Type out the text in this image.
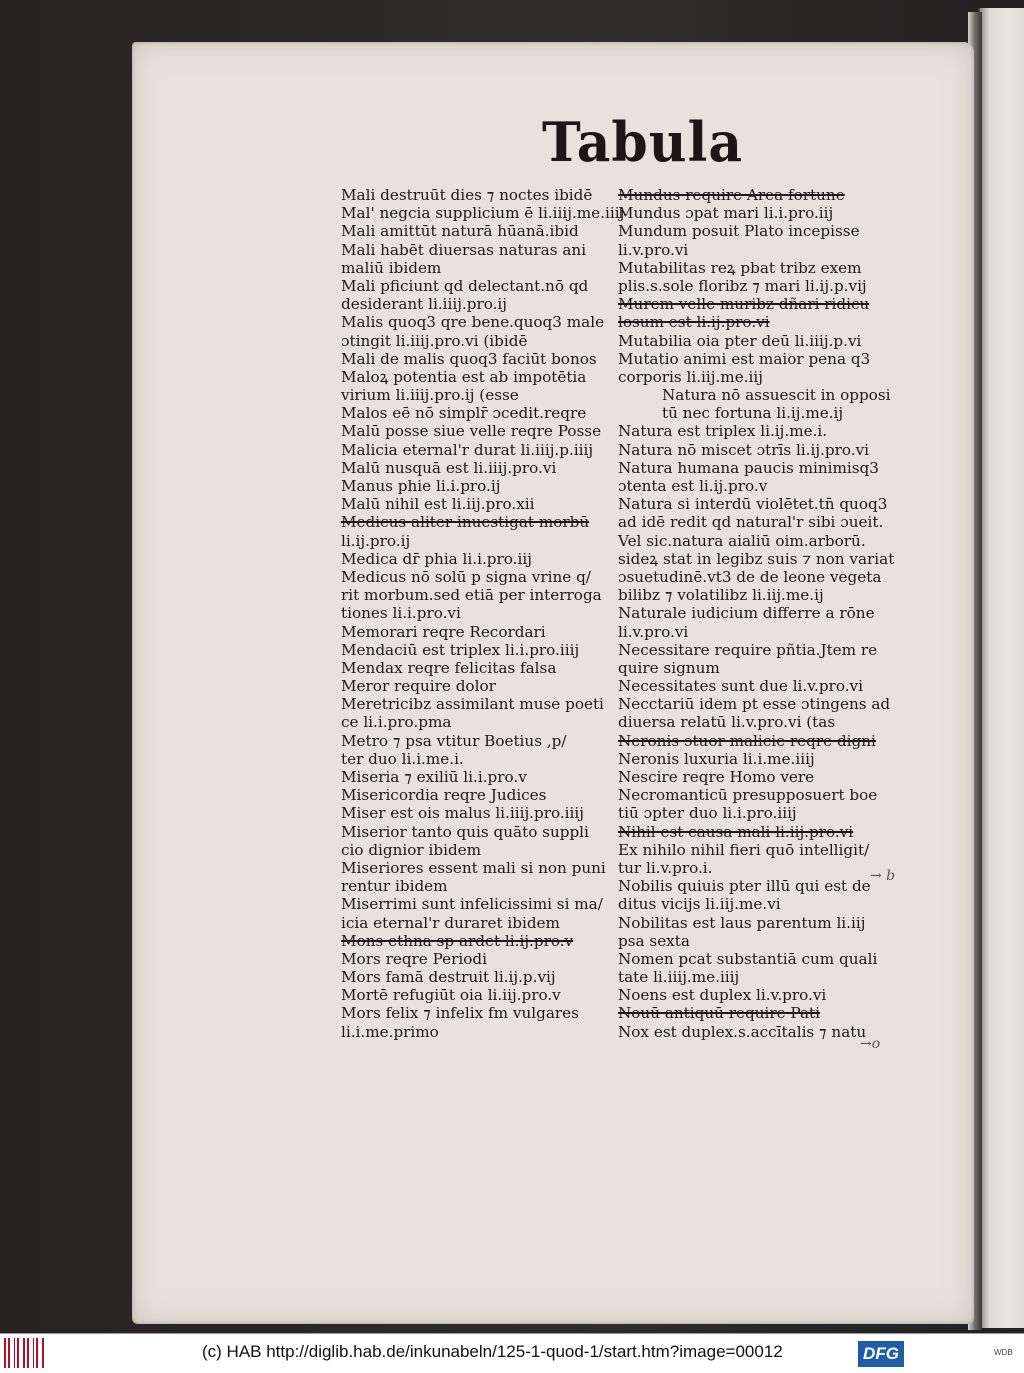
Tabula
Mali destruūt dies ⁊ noctes ibidē
Mal' negcia supplicium ē li.iiij.me.iiij
Mali amittūt naturā hūanā.ibid
Mali habēt diuersas naturas ani
maliū ibidem
Mali pficiunt qd delectant.nō qd
desiderant li.iiij.pro.ij
Malis quoq3 qre bene.quoq3 male
ɔtingit li.iiij.pro.vi (ibidē
Mali de malis quoq3 faciūt bonos
Maloꝝ potentia est ab impotētia
virium li.iiij.pro.ij (esse
Malos eē nō simplr̄ ɔcedit.reqre
Malū posse siue velle reqre Posse
Malicia eternal'r durat li.iiij.p.iiij
Malū nusquā est li.iiij.pro.vi
Manus phie li.i.pro.ij
Malū nihil est li.iij.pro.xii
Medicus aliter inuestigat morbū
li.ij.pro.ij
Medica dr̄ phia li.i.pro.iij
Medicus nō solū p signa vrine q/
rit morbum.sed etiā per interroga
tiones li.i.pro.vi
Memorari reqre Recordari
Mendaciū est triplex li.i.pro.iiij
Mendax reqre felicitas falsa
Meror require dolor
Meretricibz assimilant muse poeti
ce li.i.pro.pma
Metro ⁊ psa vtitur Boetius ,p/
ter duo li.i.me.i.
Miseria ⁊ exiliū li.i.pro.v
Misericordia reqre Judices
Miser est ois malus li.iiij.pro.iiij
Miserior tanto quis quāto suppli
cio dignior ibidem
Miseriores essent mali si non puni
rentur ibidem
Miserrimi sunt infelicissimi si ma/
icia eternal'r duraret ibidem
Mons ethna sp ardet li.ij.pro.v
Mors reqre Periodi
Mors famā destruit li.ij.p.vij
Mortē refugiūt oia li.iij.pro.v
Mors felix ⁊ infelix fm vulgares
li.i.me.primo
Mundus require Area fortune
Mundus ɔpat mari li.i.pro.iij
Mundum posuit Plato incepisse
li.v.pro.vi
Mutabilitas reꝝ pbat tribz exem
plis.s.sole floribz ⁊ mari li.ij.p.vij
Murem velle muribz dñari ridicu
losum est li.ij.pro.vi
Mutabilia oia pter deū li.iiij.p.vi
Mutatio animi est maior pena q3
corporis li.iij.me.iij
Natura nō assuescit in opposi
tū nec fortuna li.ij.me.ij
Natura est triplex li.ij.me.i.
Natura nō miscet ɔtrīs li.ij.pro.vi
Natura humana paucis minimisq3
ɔtenta est li.ij.pro.v
Natura si interdū violētet.tn̄ quoq3
ad idē redit qd natural'r sibi ɔueit.
Vel sic.natura aialiū oim.arborū.
sideꝝ stat in legibz suis ⁊ non variat
ɔsuetudinē.vt3 de de leone vegeta
bilibz ⁊ volatilibz li.iij.me.ij
Naturale iudicium differre a rōne
li.v.pro.vi
Necessitare require pñtia.Jtem re
quire signum
Necessitates sunt due li.v.pro.vi
Necctariū idem pt esse ɔtingens ad
diuersa relatū li.v.pro.vi (tas
Neronis ɔtuor malicie reqre digni
Neronis luxuria li.i.me.iiij
Nescire reqre Homo vere
Necromanticū presupposuert boe
tiū ɔpter duo li.i.pro.iiij
Nihil est causa mali li.iij.pro.vi
Ex nihilo nihil fieri quō intelligit/
tur li.v.pro.i.
Nobilis quiuis pter illū qui est de
ditus vicijs li.iij.me.vi
Nobilitas est laus parentum li.iij
psa sexta
Nomen pcat substantiā cum quali
tate li.iiij.me.iiij
Noens est duplex li.v.pro.vi
Nouū antiquū require Pati
Nox est duplex.s.accītalis ⁊ natu
→ b
→o
(c) HAB http://diglib.hab.de/inkunabeln/125-1-quod-1/start.htm?image=00012	DFG	WDB
